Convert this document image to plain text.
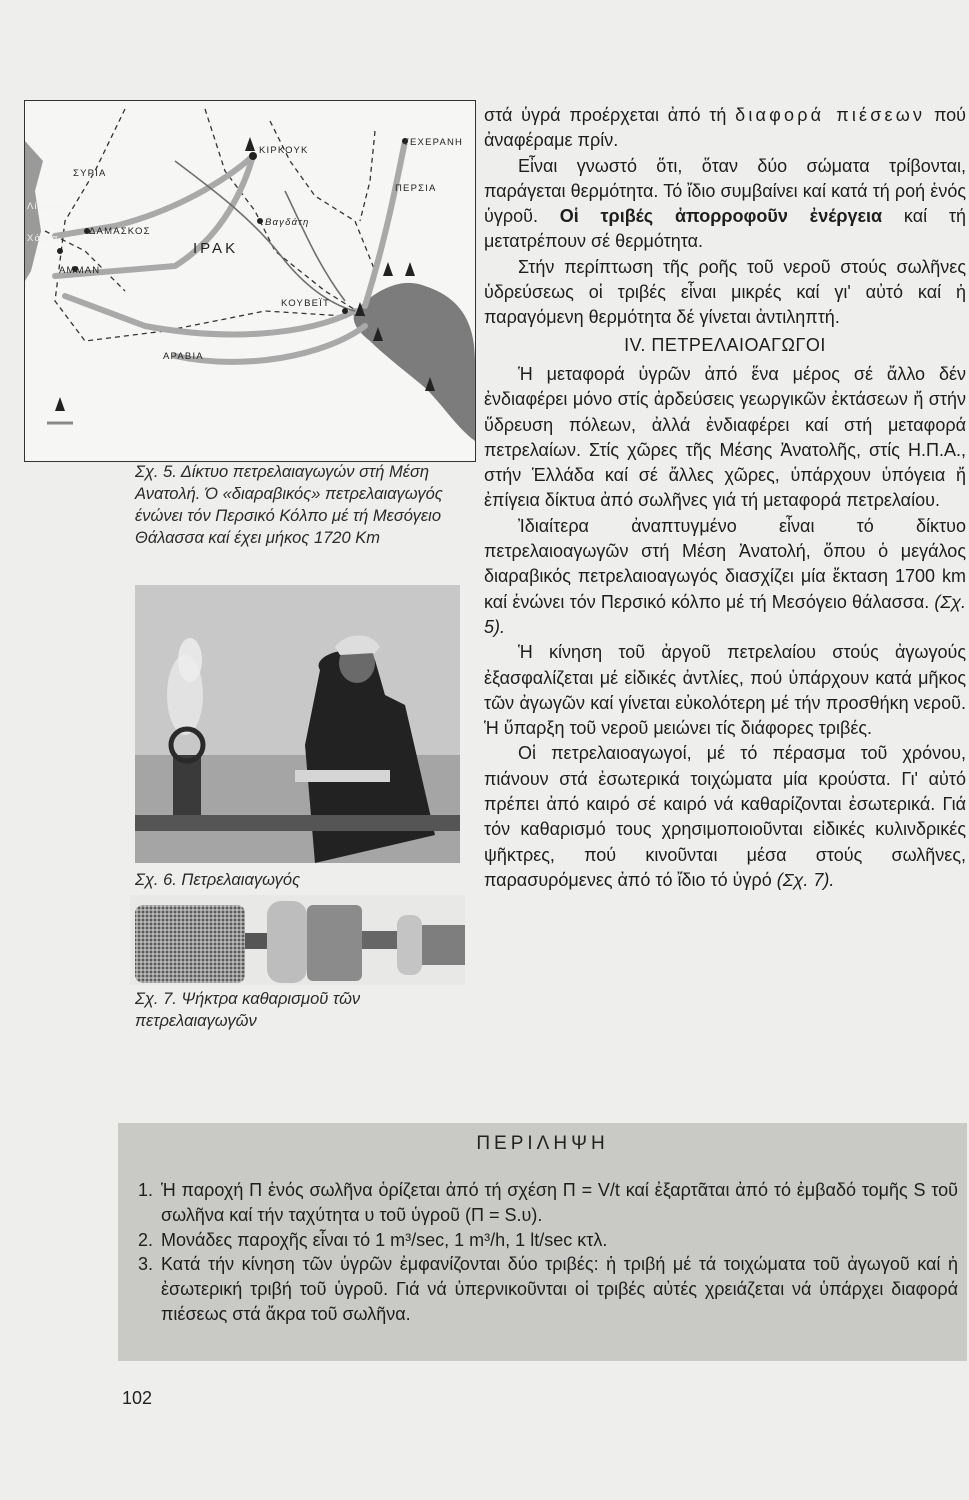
ΣΥΡΙΑ
ΚΙΡΚΟΥΚ
ΤΕΧΕΡΑΝΗ
ΠΕΡΣΙΑ
Λίβανο
ΔΑΜΑΣΚΟΣ
Βαγδάτη
Χάιφα
ΙΡΑΚ
ΑΜΜΑΝ
ΚΟΥΒΕΪΤ
ΑΡΑΒΙΑ
Σχ. 5. Δίκτυο πετρελαιαγωγών στή Μέση Ανατολή. Ό «διαραβικός» πετρελαιαγωγός ένώνει τόν Περσικό Κόλπο μέ τή Μεσόγειο Θάλασσα καί έχει μήκος 1720 Km
Σχ. 6. Πετρελαιαγωγός
Σχ. 7. Ψήκτρα καθαρισμοῦ τῶν πετρελαιαγωγῶν

στά ὑγρά προέρχεται ἀπό τή διαφορά πιέσεων πού ἀναφέραμε πρίν.

Εἶναι γνωστό ὅτι, ὅταν δύο σώματα τρίβονται, παράγεται θερμότητα. Τό ἴδιο συμβαίνει καί κατά τή ροή ἑνός ὑγροῦ. Οἱ τριβές ἀπορροφοῦν ἐνέργεια καί τή μετατρέπουν σέ θερμότητα.

Στήν περίπτωση τῆς ροῆς τοῦ νεροῦ στούς σωλῆνες ὑδρεύσεως οἱ τριβές εἶναι μικρές καί γι' αὐτό καί ἡ παραγόμενη θερμότητα δέ γίνεται ἀντιληπτή.

IV. ΠΕΤΡΕΛΑΙΟΑΓΩΓΟΙ

Ἡ μεταφορά ὑγρῶν ἀπό ἕνα μέρος σέ ἄλλο δέν ἐνδιαφέρει μόνο στίς ἀρδεύσεις γεωργικῶν ἐκτάσεων ἤ στήν ὕδρευση πόλεων, ἀλλά ἐνδιαφέρει καί στή μεταφορά πετρελαίων. Στίς χῶρες τῆς Μέσης Ἀνατολῆς, στίς Η.Π.Α., στήν Ἑλλάδα καί σέ ἄλλες χῶρες, ὑπάρχουν ὑπόγεια ἤ ἐπίγεια δίκτυα ἀπό σωλῆνες γιά τή μεταφορά πετρελαίου.

Ἰδιαίτερα ἀναπτυγμένο εἶναι τό δίκτυο πετρελαιοαγωγῶν στή Μέση Ἀνατολή, ὅπου ὁ μεγάλος διαραβικός πετρελαιοαγωγός διασχίζει μία ἔκταση 1700 km καί ἑνώνει τόν Περσικό κόλπο μέ τή Μεσόγειο θάλασσα. (Σχ. 5).

Ἡ κίνηση τοῦ ἀργοῦ πετρελαίου στούς ἀγωγούς ἐξασφαλίζεται μέ εἰδικές ἀντλίες, πού ὑπάρχουν κατά μῆκος τῶν ἀγωγῶν καί γίνεται εὐκολότερη μέ τήν προσθήκη νεροῦ. Ἡ ὕπαρξη τοῦ νεροῦ μειώνει τίς διάφορες τριβές.

Οἱ πετρελαιοαγωγοί, μέ τό πέρασμα τοῦ χρόνου, πιάνουν στά ἐσωτερικά τοιχώματα μία κρούστα. Γι' αὐτό πρέπει ἀπό καιρό σέ καιρό νά καθαρίζονται ἐσωτερικά. Γιά τόν καθαρισμό τους χρησιμοποιοῦνται εἰδικές κυλινδρικές ψῆκτρες, πού κινοῦνται μέσα στούς σωλῆνες, παρασυρόμενες ἀπό τό ἴδιο τό ὑγρό (Σχ. 7).

ΠΕΡΙΛΗΨΗ
1. Ἡ παροχή Π ἑνός σωλῆνα ὁρίζεται ἀπό τή σχέση Π = V/t καί ἐξαρτᾶται ἀπό τό ἐμβαδό τομῆς S τοῦ σωλῆνα καί τήν ταχύτητα υ τοῦ ὑγροῦ (Π = S.υ).
2. Μονάδες παροχῆς εἶναι τό 1 m³/sec, 1 m³/h, 1 lt/sec κτλ.
3. Κατά τήν κίνηση τῶν ὑγρῶν ἐμφανίζονται δύο τριβές: ἡ τριβή μέ τά τοιχώματα τοῦ ἀγωγοῦ καί ἡ ἐσωτερική τριβή τοῦ ὑγροῦ. Γιά νά ὑπερνικοῦνται οἱ τριβές αὐτές χρειάζεται νά ὑπάρχει διαφορά πιέσεως στά ἄκρα τοῦ σωλῆνα.
102
